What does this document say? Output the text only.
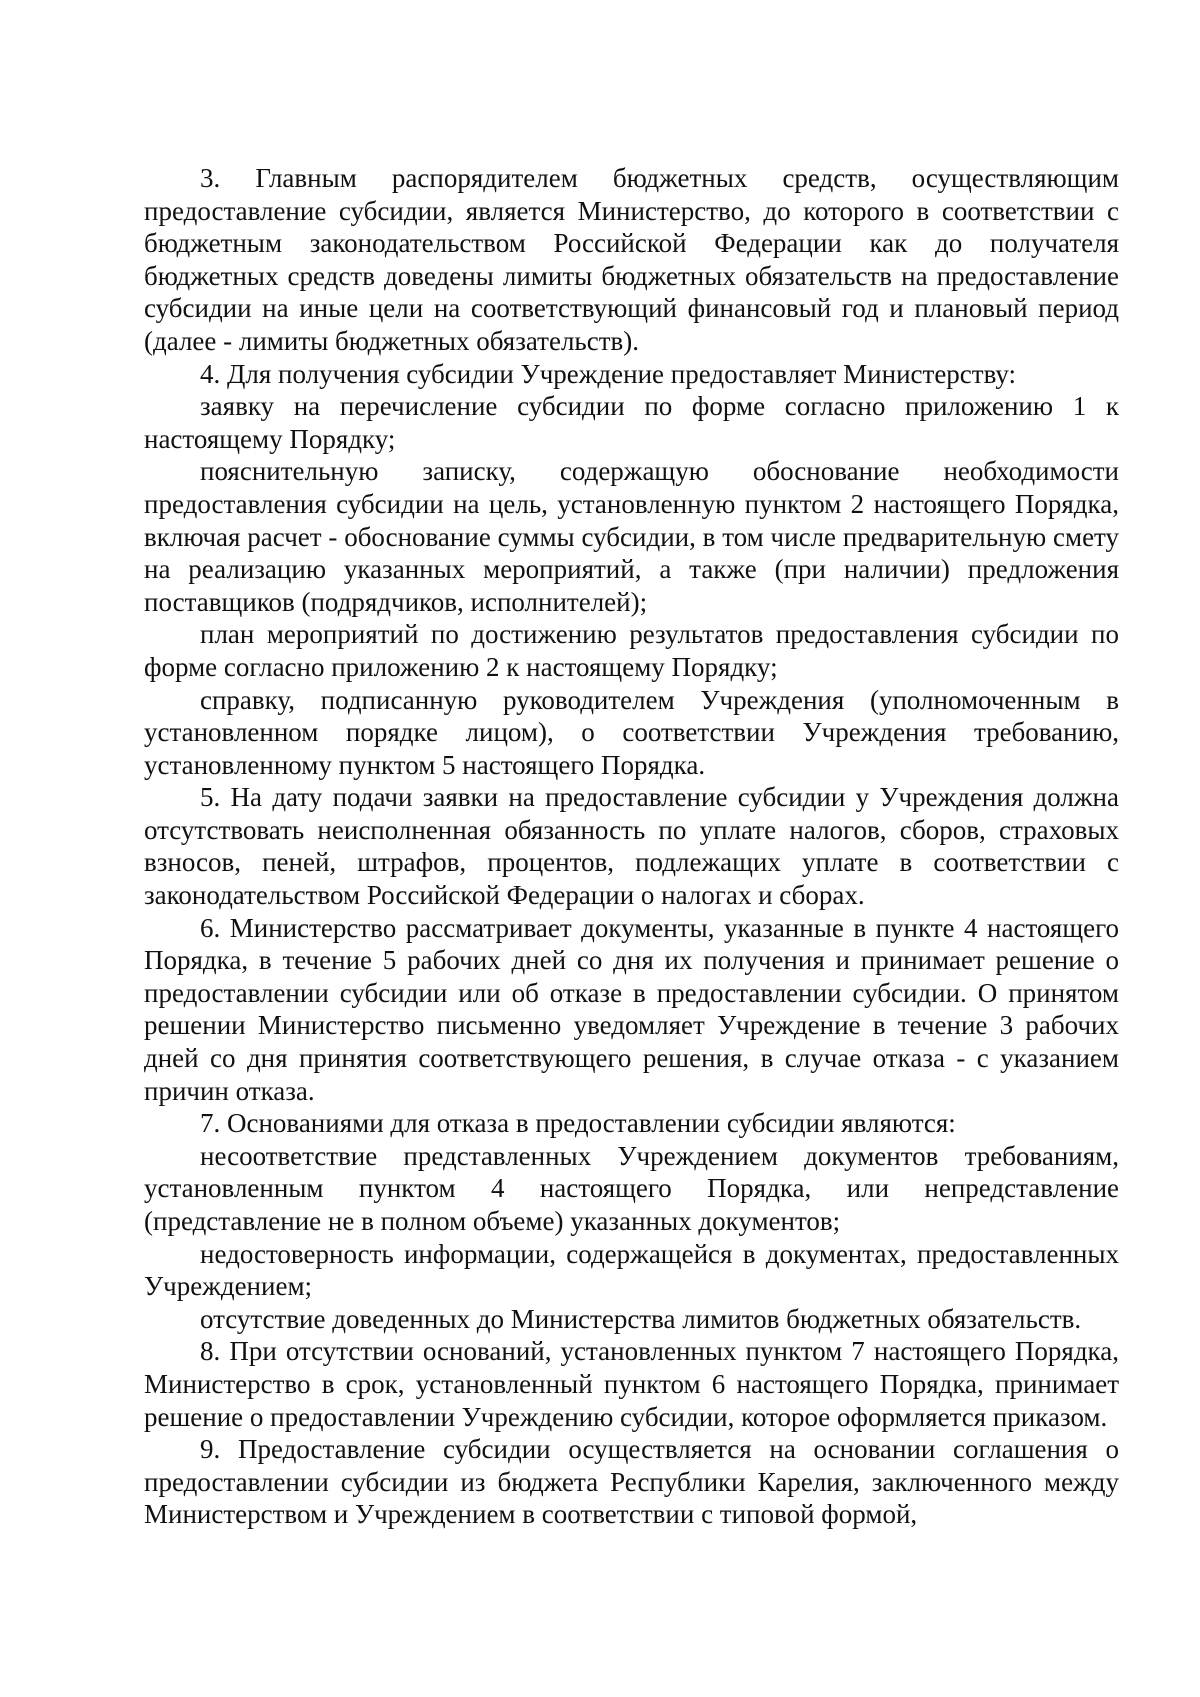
3. Главным распорядителем бюджетных средств, осуществляющим предоставление субсидии, является Министерство, до которого в соответствии с бюджетным законодательством Российской Федерации как до получателя бюджетных средств доведены лимиты бюджетных обязательств на предоставление субсидии на иные цели на соответствующий финансовый год и плановый период (далее - лимиты бюджетных обязательств).

4. Для получения субсидии Учреждение предоставляет Министерству:

заявку на перечисление субсидии по форме согласно приложению 1 к настоящему Порядку;

пояснительную записку, содержащую обоснование необходимости предоставления субсидии на цель, установленную пунктом 2 настоящего Порядка, включая расчет - обоснование суммы субсидии, в том числе предварительную смету на реализацию указанных мероприятий, а также (при наличии) предложения поставщиков (подрядчиков, исполнителей);

план мероприятий по достижению результатов предоставления субсидии по форме согласно приложению 2 к настоящему Порядку;

справку, подписанную руководителем Учреждения (уполномоченным в установленном порядке лицом), о соответствии Учреждения требованию, установленному пунктом 5 настоящего Порядка.

5. На дату подачи заявки на предоставление субсидии у Учреждения должна отсутствовать неисполненная обязанность по уплате налогов, сборов, страховых взносов, пеней, штрафов, процентов, подлежащих уплате в соответствии с законодательством Российской Федерации о налогах и сборах.

6. Министерство рассматривает документы, указанные в пункте 4 настоящего Порядка, в течение 5 рабочих дней со дня их получения и принимает решение о предоставлении субсидии или об отказе в предоставлении субсидии. О принятом решении Министерство письменно уведомляет Учреждение в течение 3 рабочих дней со дня принятия соответствующего решения, в случае отказа - с указанием причин отказа.

7. Основаниями для отказа в предоставлении субсидии являются:

несоответствие представленных Учреждением документов требованиям, установленным пунктом 4 настоящего Порядка, или непредставление (представление не в полном объеме) указанных документов;

недостоверность информации, содержащейся в документах, предоставленных Учреждением;

отсутствие доведенных до Министерства лимитов бюджетных обязательств.

8. При отсутствии оснований, установленных пунктом 7 настоящего Порядка, Министерство в срок, установленный пунктом 6 настоящего Порядка, принимает решение о предоставлении Учреждению субсидии, которое оформляется приказом.

9. Предоставление субсидии осуществляется на основании соглашения о предоставлении субсидии из бюджета Республики Карелия, заключенного между Министерством и Учреждением в соответствии с типовой формой,
